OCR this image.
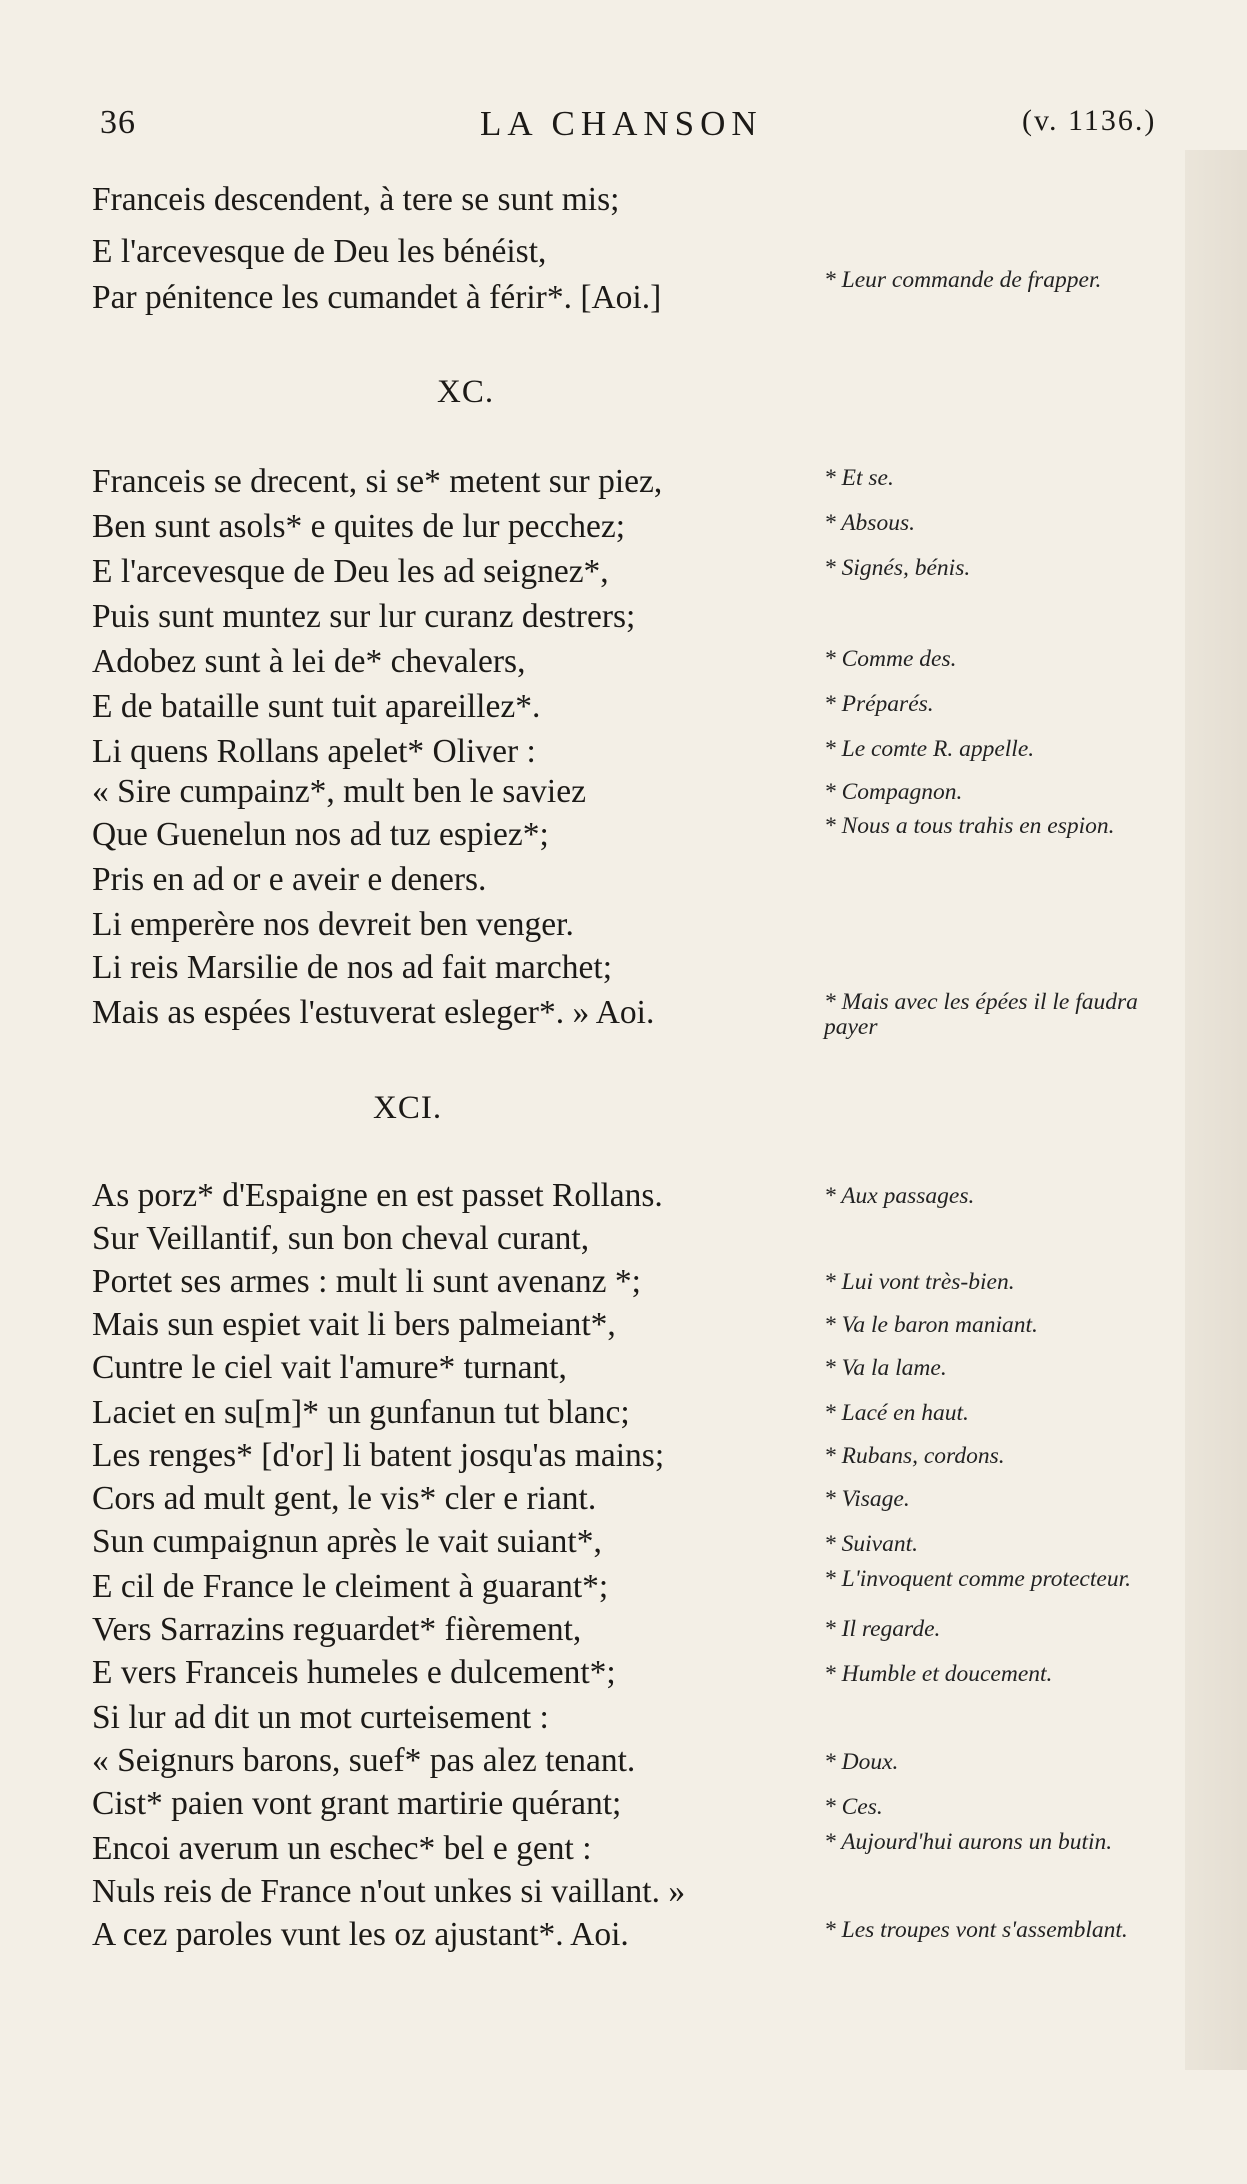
36	LA CHANSON	(v. 1136.)
Franceis descendent, à tere se sunt mis;
E l'arcevesque de Deu les bénéist,
Par pénitence les cumandet à férir*. [Aoi.]	* Leur commande de frapper.
XC.
Franceis se drecent, si se* metent sur piez,
Ben sunt asols* e quites de lur pecchez;
E l'arcevesque de Deu les ad seignez*,
Puis sunt muntez sur lur curanz destrers;
Adobez sunt à lei de* chevalers,
E de bataille sunt tuit apareillez*.
Li quens Rollans apelet* Oliver :
« Sire cumpainz*, mult ben le saviez
Que Guenelun nos ad tuz espiez*;
Pris en ad or e aveir e deners.
Li emperère nos devreit ben venger.
Li reis Marsilie de nos ad fait marchet;
Mais as espées l'estuverat esleger*. » Aoi.
* Et se.
* Absous.
* Signés, bénis.
* Comme des.
* Préparés.
* Le comte R. appelle.
* Compagnon.
* Nous a tous trahis en espion.
* Mais avec les épées il le faudra payer
XCI.
As porz* d'Espaigne en est passet Rollans.
Sur Veillantif, sun bon cheval curant,
Portet ses armes : mult li sunt avenanz *;
Mais sun espiet vait li bers palmeiant*,
Cuntre le ciel vait l'amure* turnant,
Laciet en su[m]* un gunfanun tut blanc;
Les renges* [d'or] li batent josqu'as mains;
Cors ad mult gent, le vis* cler e riant.
Sun cumpaignun après le vait suiant*,
E cil de France le cleiment à guarant*;
Vers Sarrazins reguardet* fièrement,
E vers Franceis humeles e dulcement*;
Si lur ad dit un mot curteisement :
« Seignurs barons, suef* pas alez tenant.
Cist* paien vont grant martirie quérant;
Encoi averum un eschec* bel e gent :
Nuls reis de France n'out unkes si vaillant. »
A cez paroles vunt les oz ajustant*. Aoi.
* Aux passages.
* Lui vont très-bien.
* Va le baron maniant.
* Va la lame.
* Lacé en haut.
* Rubans, cordons.
* Visage.
* Suivant.
* L'invoquent comme protecteur.
* Il regarde.
* Humble et doucement.
* Doux.
* Ces.
* Aujourd'hui aurons un butin.
* Les troupes vont s'assemblant.
